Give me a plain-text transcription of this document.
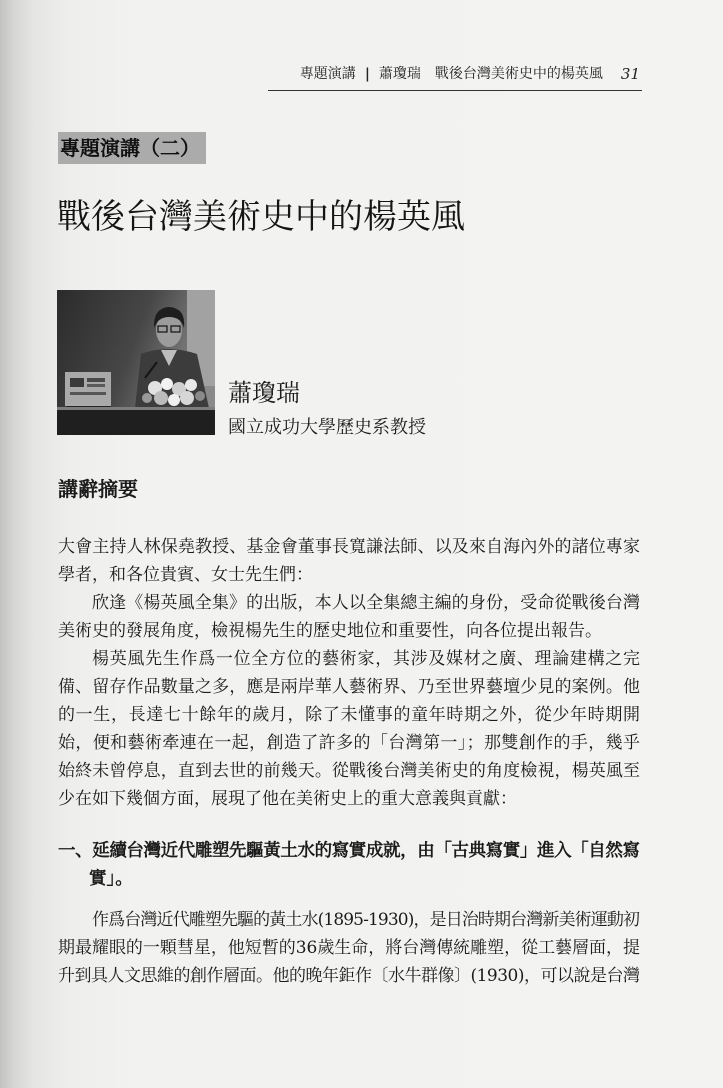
專題演講 | 蕭瓊瑞 戰後台灣美術史中的楊英風 31
專題演講（二）
戰後台灣美術史中的楊英風
蕭瓊瑞
國立成功大學歷史系教授
講辭摘要
大會主持人林保堯教授、基金會董事長寬謙法師、以及來自海內外的諸位專家
學者，和各位貴賓、女士先生們：
欣逢《楊英風全集》的出版，本人以全集總主編的身份，受命從戰後台灣
美術史的發展角度，檢視楊先生的歷史地位和重要性，向各位提出報告。
楊英風先生作爲一位全方位的藝術家，其涉及媒材之廣、理論建構之完
備、留存作品數量之多，應是兩岸華人藝術界、乃至世界藝壇少見的案例。他
的一生，長達七十餘年的歲月，除了未懂事的童年時期之外，從少年時期開
始，便和藝術牽連在一起，創造了許多的「台灣第一」；那雙創作的手，幾乎
始終未曾停息，直到去世的前幾天。從戰後台灣美術史的角度檢視，楊英風至
少在如下幾個方面，展現了他在美術史上的重大意義與貢獻：
一、延續台灣近代雕塑先驅黃土水的寫實成就，由「古典寫實」進入「自然寫
實」。
作爲台灣近代雕塑先驅的黃土水(1895-1930)，是日治時期台灣新美術運動初
期最耀眼的一顆彗星，他短暫的36歲生命，將台灣傳統雕塑，從工藝層面，提
升到具人文思維的創作層面。他的晚年鉅作〔水牛群像〕(1930)，可以說是台灣
